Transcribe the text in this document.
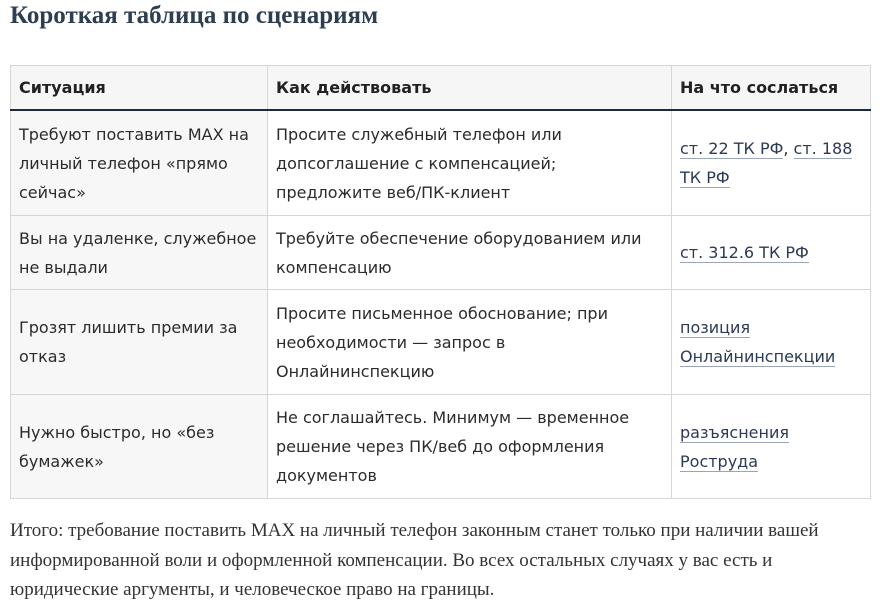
Короткая таблица по сценариям
Ситуация	Как действовать	На что сослаться
Требуют поставить MAX на личный телефон «прямо сейчас»	Просите служебный телефон или допсоглашение с компенсацией; предложите веб/ПК-клиент	ст. 22 ТК РФ, ст. 188 ТК РФ
Вы на удаленке, служебное не выдали	Требуйте обеспечение оборудованием или компенсацию	ст. 312.6 ТК РФ
Грозят лишить премии за отказ	Просите письменное обоснование; при необходимости — запрос в Онлайнинспекцию	позиция Онлайнинспекции
Нужно быстро, но «без бумажек»	Не соглашайтесь. Минимум — временное решение через ПК/веб до оформления документов	разъяснения Роструда

Итого: требование поставить MAX на личный телефон законным станет только при наличии вашей информированной воли и оформленной компенсации. Во всех остальных случаях у вас есть и юридические аргументы, и человеческое право на границы.
